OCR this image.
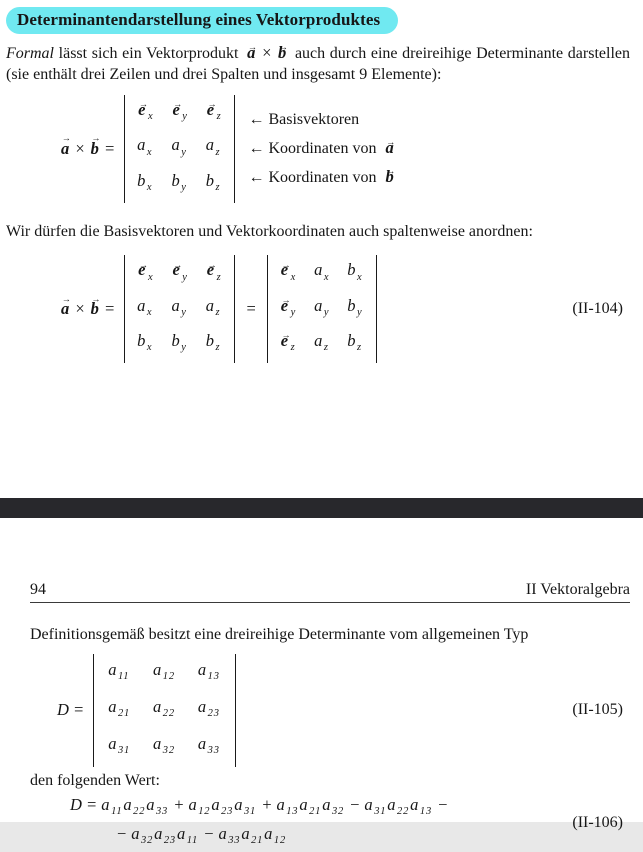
Determinantendarstellung eines Vektorproduktes

Formal lässt sich ein Vektorprodukt a → × b → auch durch eine dreireihige Determinante darstellen (sie enthält drei Zeilen und drei Spalten und insgesamt 9 Elemente):

a → × b → =
e → $_x$ e → $_y$ e → $_z$
a $_x$ a $_y$ a $_z$
b $_x$ b $_y$ b $_z$
← Basisvektoren
← Koordinaten von a →
← Koordinaten von b →

Wir dürfen die Basisvektoren und Vektorkoordinaten auch spaltenweise anordnen:

a → × b → =
e → $_x$ e → $_y$ e → $_z$
a $_x$ a $_y$ a $_z$
b $_x$ b $_y$ b $_z$
=
e → $_x$ a $_x$ b $_x$
e → $_y$ a $_y$ b $_y$
e → $_z$ a $_z$ b $_z$
(II-104)
94	II Vektoralgebra

Definitionsgemäß besitzt eine dreireihige Determinante vom allgemeinen Typ

D =
a $_{11}$ a $_{12}$ a $_{13}$
a $_{21}$ a $_{22}$ a $_{23}$
a $_{31}$ a $_{32}$ a $_{33}$
(II-105)

den folgenden Wert:

D = a $_{11}$a $_{22}$a $_{33}$ + a $_{12}$a $_{23}$a $_{31}$ + a $_{13}$a $_{21}$a $_{32}$ − a $_{31}$a $_{22}$a $_{13}$ −
− a $_{32}$a $_{23}$a $_{11}$ − a $_{33}$a $_{21}$a $_{12}$
(II-106)
